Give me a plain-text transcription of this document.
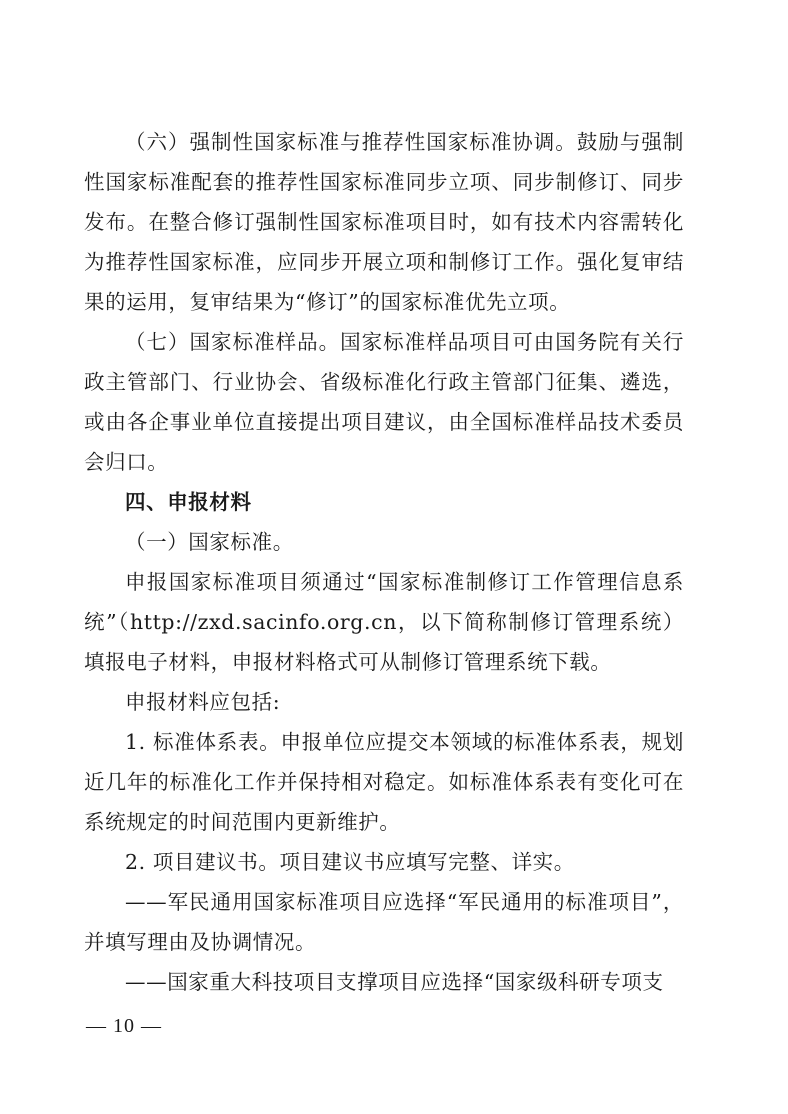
（六）强制性国家标准与推荐性国家标准协调。鼓励与强制性国家标准配套的推荐性国家标准同步立项、同步制修订、同步发布。在整合修订强制性国家标准项目时，如有技术内容需转化为推荐性国家标准，应同步开展立项和制修订工作。强化复审结果的运用，复审结果为“修订”的国家标准优先立项。

（七）国家标准样品。国家标准样品项目可由国务院有关行政主管部门、行业协会、省级标准化行政主管部门征集、遴选，或由各企事业单位直接提出项目建议，由全国标准样品技术委员会归口。

四、申报材料

（一）国家标准。

申报国家标准项目须通过“国家标准制修订工作管理信息系统”（http://zxd.sacinfo.org.cn，以下简称制修订管理系统）填报电子材料，申报材料格式可从制修订管理系统下载。

申报材料应包括:

1. 标准体系表。申报单位应提交本领域的标准体系表，规划近几年的标准化工作并保持相对稳定。如标准体系表有变化可在系统规定的时间范围内更新维护。

2. 项目建议书。项目建议书应填写完整、详实。

——军民通用国家标准项目应选择“军民通用的标准项目”，并填写理由及协调情况。

——国家重大科技项目支撑项目应选择“国家级科研专项支

— 10 —
